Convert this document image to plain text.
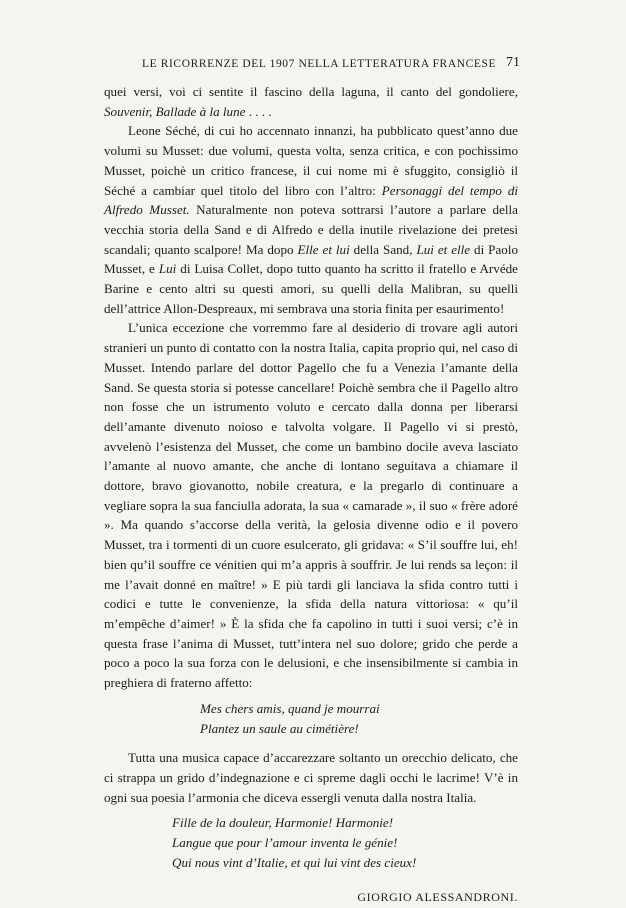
LE RICORRENZE DEL 1907 NELLA LETTERATURA FRANCESE 71

quei versi, voi ci sentite il fascino della laguna, il canto del gondoliere, Souvenir, Ballade à la lune . . . .

Leone Séché, di cui ho accennato innanzi, ha pubblicato quest’anno due volumi su Musset: due volumi, questa volta, senza critica, e con pochissimo Musset, poichè un critico francese, il cui nome mi è sfuggito, consigliò il Séché a cambiar quel titolo del libro con l’altro: Personaggi del tempo di Alfredo Musset. Naturalmente non poteva sottrarsi l’autore a parlare della vecchia storia della Sand e di Alfredo e della inutile rivelazione dei pretesi scandali; quanto scalpore! Ma dopo Elle et lui della Sand, Lui et elle di Paolo Musset, e Lui di Luisa Collet, dopo tutto quanto ha scritto il fratello e Arvéde Barine e cento altri su questi amori, su quelli della Malibran, su quelli dell’attrice Allon-Despreaux, mi sembrava una storia finita per esaurimento!

L’unica eccezione che vorremmo fare al desiderio di trovare agli autori stranieri un punto di contatto con la nostra Italia, capita proprio qui, nel caso di Musset. Intendo parlare del dottor Pagello che fu a Venezia l’amante della Sand. Se questa storia si potesse cancellare! Poichè sembra che il Pagello altro non fosse che un istrumento voluto e cercato dalla donna per liberarsi dell’amante divenuto noioso e talvolta volgare. Il Pagello vi si prestò, avvelenò l’esistenza del Musset, che come un bambino docile aveva lasciato l’amante al nuovo amante, che anche di lontano seguitava a chiamare il dottore, bravo giovanotto, nobile creatura, e la pregarlo di continuare a vegliare sopra la sua fanciulla adorata, la sua « camarade », il suo « frère adoré ». Ma quando s’accorse della verità, la gelosia divenne odio e il povero Musset, tra i tormenti di un cuore esulcerato, gli gridava: « S’il souffre lui, eh! bien qu’il souffre ce vénitien qui m’a appris à souffrir. Je lui rends sa leçon: il me l’avait donné en maître! » E più tardi gli lanciava la sfida contro tutti i codici e tutte le convenienze, la sfida della natura vittoriosa: « qu’il m’empêche d’aimer! » È la sfida che fa capolino in tutti i suoi versi; c’è in questa frase l’anima di Musset, tutt’intera nel suo dolore; grido che perde a poco a poco la sua forza con le delusioni, e che insensibilmente si cambia in preghiera di fraterno affetto:

Mes chers amis, quand je mourrai
Plantez un saule au cimétière!

Tutta una musica capace d’accarezzare soltanto un orecchio delicato, che ci strappa un grido d’indegnazione e ci spreme dagli occhi le lacrime! V’è in ogni sua poesia l’armonia che diceva essergli venuta dalla nostra Italia.

Fille de la douleur, Harmonie! Harmonie!
Langue que pour l’amour inventa le génie!
Qui nous vint d’Italie, et qui lui vint des cieux!
GIORGIO ALESSANDRONI.
